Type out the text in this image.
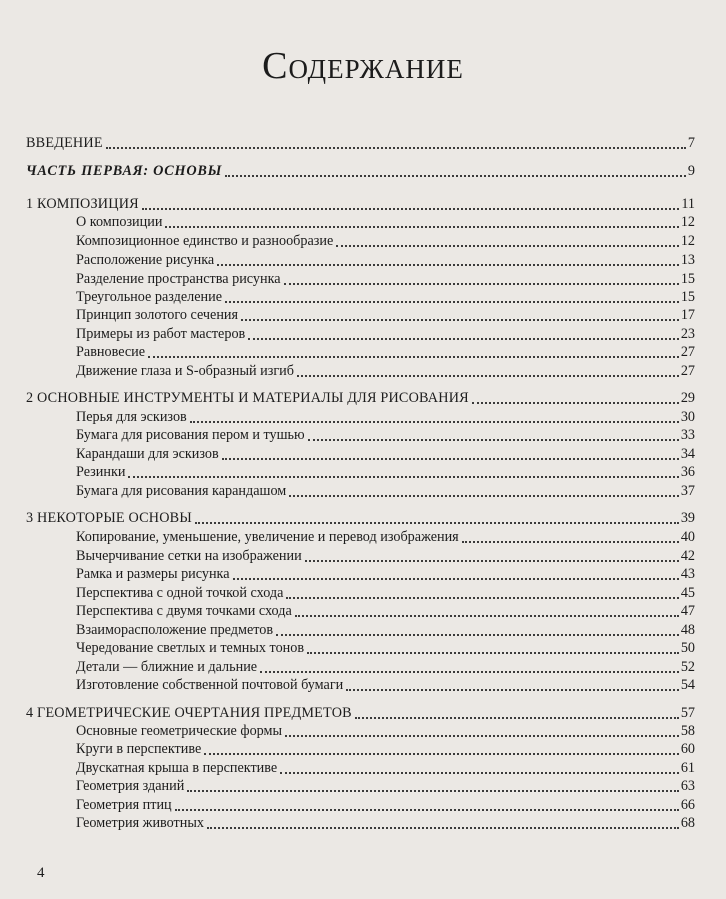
Содержание
ВВЕДЕНИЕ	7
ЧАСТЬ ПЕРВАЯ: ОСНОВЫ	9
1 КОМПОЗИЦИЯ	11
О композиции	12
Композиционное единство и разнообразие	12
Расположение рисунка	13
Разделение пространства рисунка	15
Треугольное разделение	15
Принцип золотого сечения	17
Примеры из работ мастеров	23
Равновесие	27
Движение глаза и S-образный изгиб	27
2 ОСНОВНЫЕ ИНСТРУМЕНТЫ И МАТЕРИАЛЫ ДЛЯ РИСОВАНИЯ	29
Перья для эскизов	30
Бумага для рисования пером и тушью	33
Карандаши для эскизов	34
Резинки	36
Бумага для рисования карандашом	37
3 НЕКОТОРЫЕ ОСНОВЫ	39
Копирование, уменьшение, увеличение и перевод изображения	40
Вычерчивание сетки на изображении	42
Рамка и размеры рисунка	43
Перспектива с одной точкой схода	45
Перспектива с двумя точками схода	47
Взаиморасположение предметов	48
Чередование светлых и темных тонов	50
Детали — ближние и дальние	52
Изготовление собственной почтовой бумаги	54
4 ГЕОМЕТРИЧЕСКИЕ ОЧЕРТАНИЯ ПРЕДМЕТОВ	57
Основные геометрические формы	58
Круги в перспективе	60
Двускатная крыша в перспективе	61
Геометрия зданий	63
Геометрия птиц	66
Геометрия животных	68
4
